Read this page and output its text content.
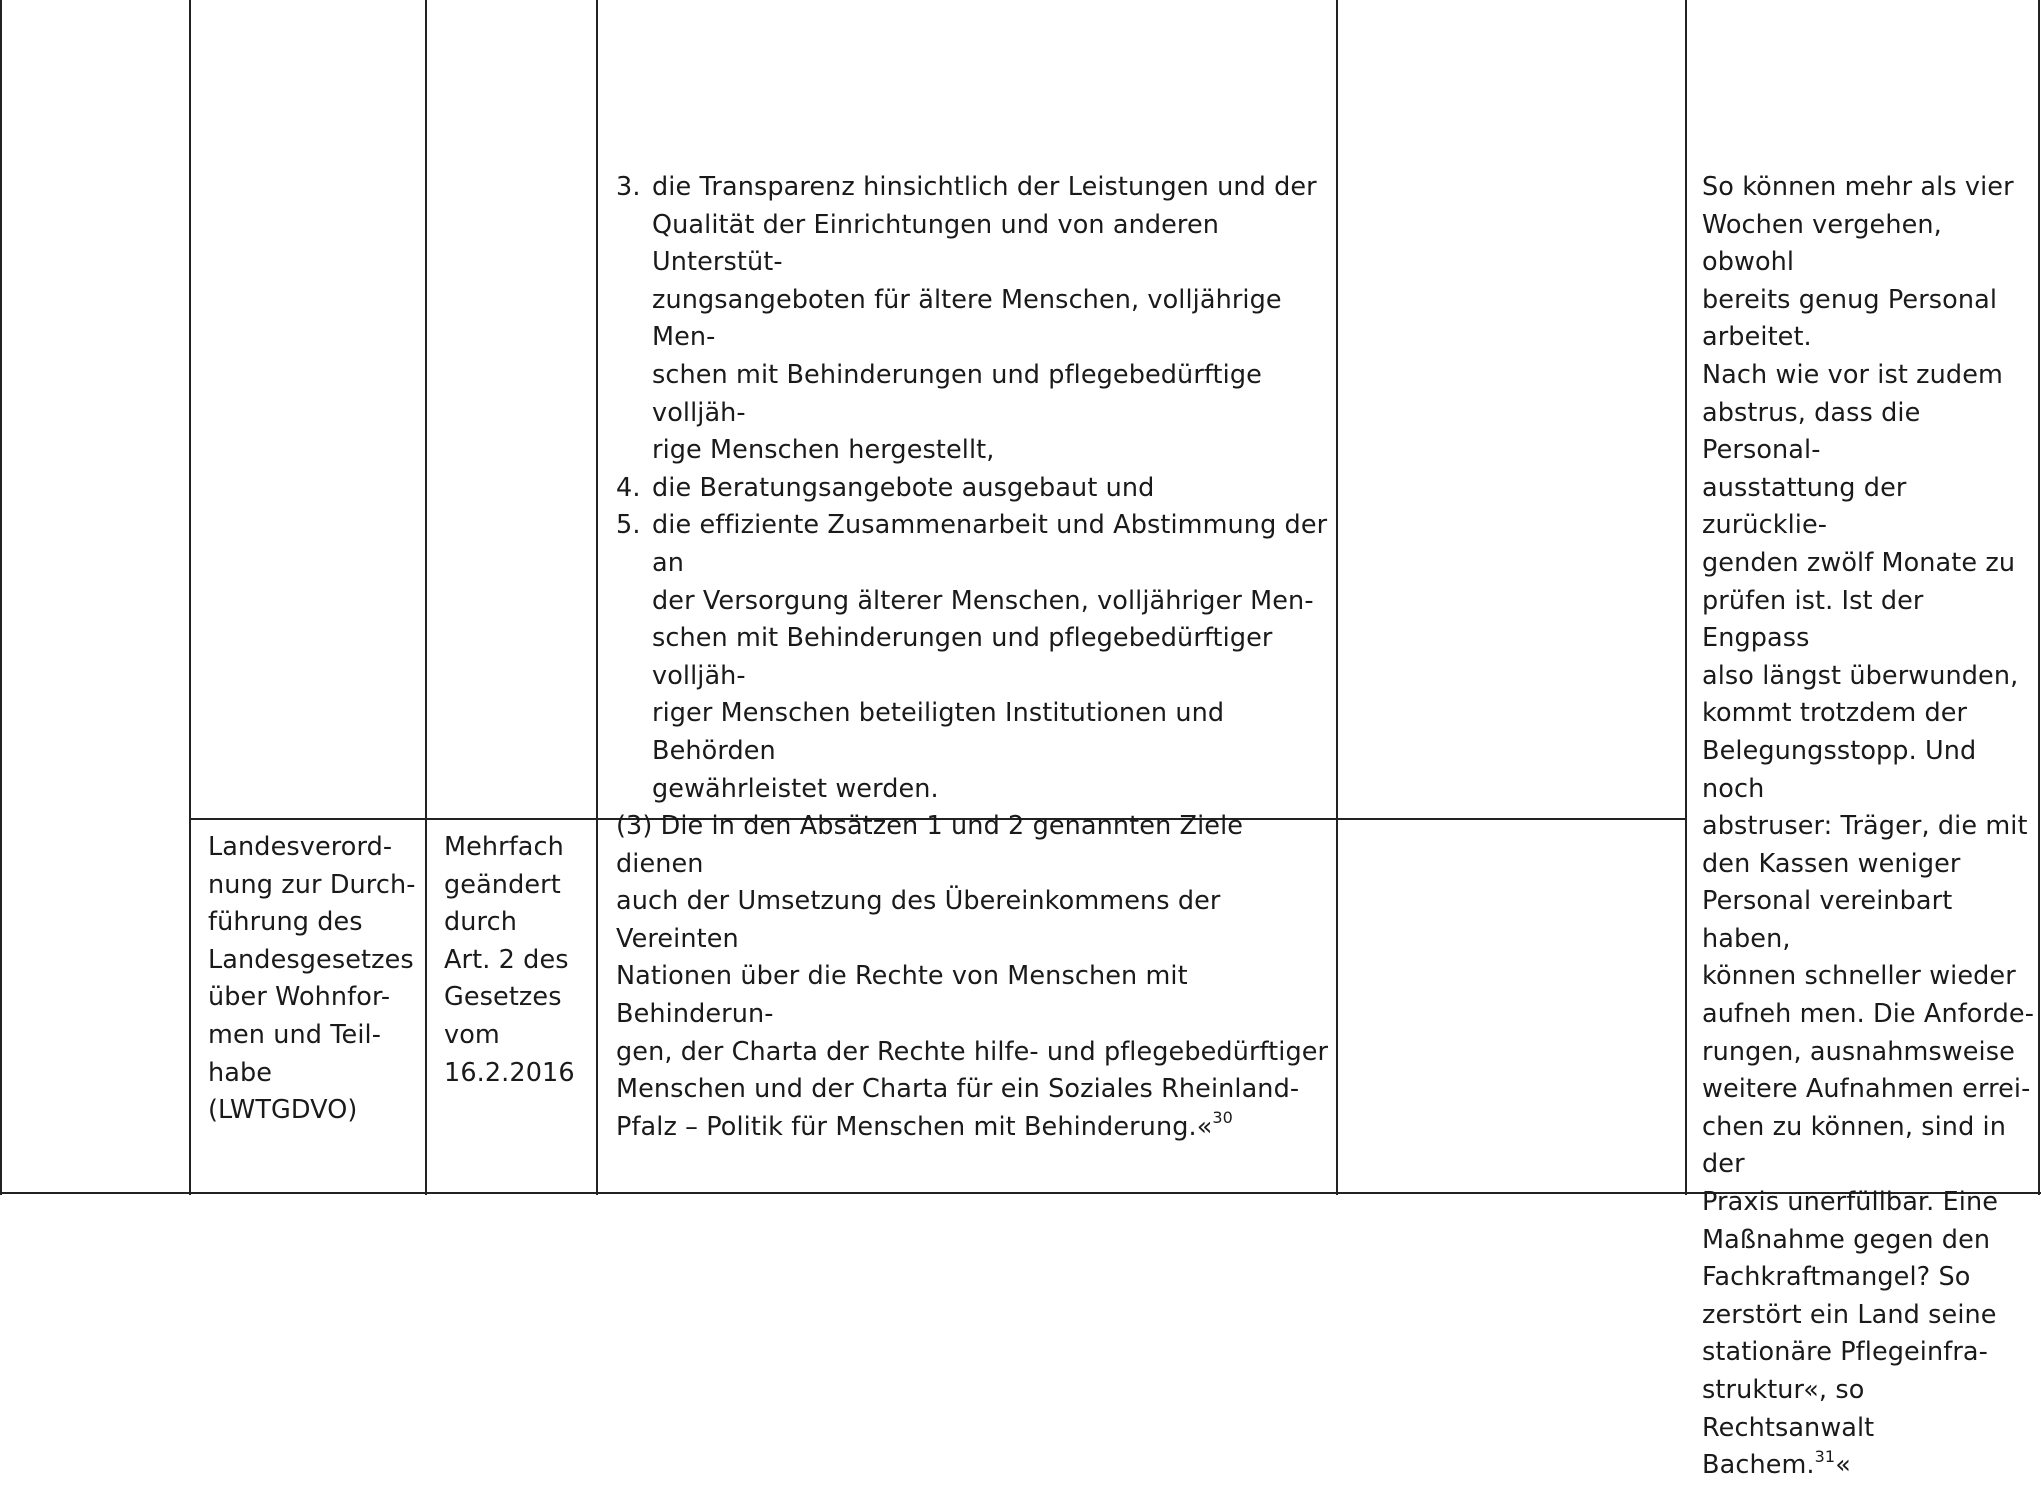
3. die Transparenz hinsichtlich der Leistungen und der
Qualität der Einrichtungen und von anderen Unterstüt-
zungsangeboten für ältere Menschen, volljährige Men-
schen mit Behinderungen und pflegebedürftige volljäh-
rige Menschen hergestellt,
4. die Beratungsangebote ausgebaut und
5. die effiziente Zusammenarbeit und Abstimmung der an
der Versorgung älterer Menschen, volljähriger Men-
schen mit Behinderungen und pflegebedürftiger volljäh-
riger Menschen beteiligten Institutionen und Behörden
gewährleistet werden.
(3) Die in den Absätzen 1 und 2 genannten Ziele dienen
auch der Umsetzung des Übereinkommens der Vereinten
Nationen über die Rechte von Menschen mit Behinderun-
gen, der Charta der Rechte hilfe- und pflegebedürftiger
Menschen und der Charta für ein Soziales Rheinland-
Pfalz – Politik für Menschen mit Behinderung.«$^{30}$
Landesverord-
nung zur Durch-
führung des
Landesgesetzes
über Wohnfor-
men und Teil-
habe
(LWTGDVO)
Mehrfach
geändert
durch
Art. 2 des
Gesetzes
vom
16.2.2016
So können mehr als vier
Wochen vergehen, obwohl
bereits genug Personal
arbeitet.
Nach wie vor ist zudem
abstrus, dass die Personal-
ausstattung der zurücklie-
genden zwölf Monate zu
prüfen ist. Ist der Engpass
also längst überwunden,
kommt trotzdem der
Belegungsstopp. Und noch
abstruser: Träger, die mit
den Kassen weniger
Personal vereinbart haben,
können schneller wieder
aufneh men. Die Anforde-
rungen, ausnahmsweise
weitere Aufnahmen errei-
chen zu können, sind in der
Praxis unerfüllbar. Eine
Maßnahme gegen den
Fachkraftmangel? So
zerstört ein Land seine
stationäre Pflegeinfra-
struktur«, so Rechtsanwalt
Bachem.$^{31}$«
